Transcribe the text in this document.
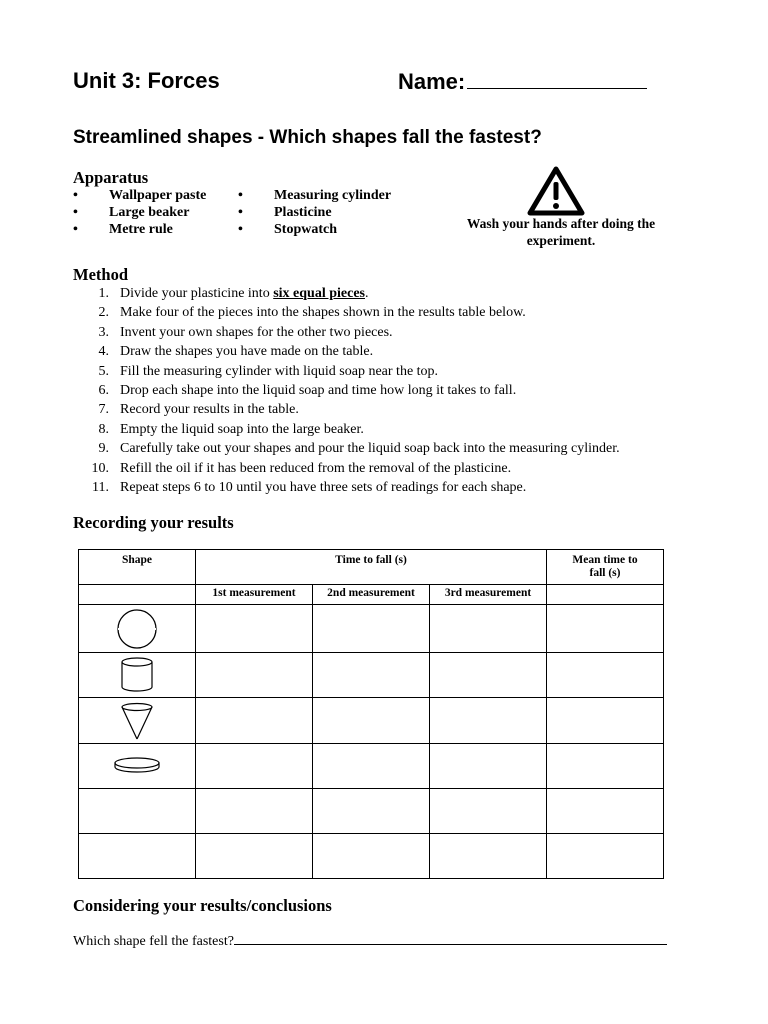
Unit 3: Forces	Name:
Streamlined shapes - Which shapes fall the fastest?
Apparatus
• Wallpaper paste
• Large beaker
• Metre rule
• Measuring cylinder
• Plasticine
• Stopwatch	Wash your hands after doing the experiment.
Method
1. Divide your plasticine into six equal pieces.
2. Make four of the pieces into the shapes shown in the results table below.
3. Invent your own shapes for the other two pieces.
4. Draw the shapes you have made on the table.
5. Fill the measuring cylinder with liquid soap near the top.
6. Drop each shape into the liquid soap and time how long it takes to fall.
7. Record your results in the table.
8. Empty the liquid soap into the large beaker.
9. Carefully take out your shapes and pour the liquid soap back into the measuring cylinder.
10. Refill the oil if it has been reduced from the removal of the plasticine.
11. Repeat steps 6 to 10 until you have three sets of readings for each shape.
Recording your results
Shape	Time to fall (s)			Mean time to fall (s)
	1st measurement	2nd measurement	3rd measurement	

Considering your results/conclusions
Which shape fell the fastest?
